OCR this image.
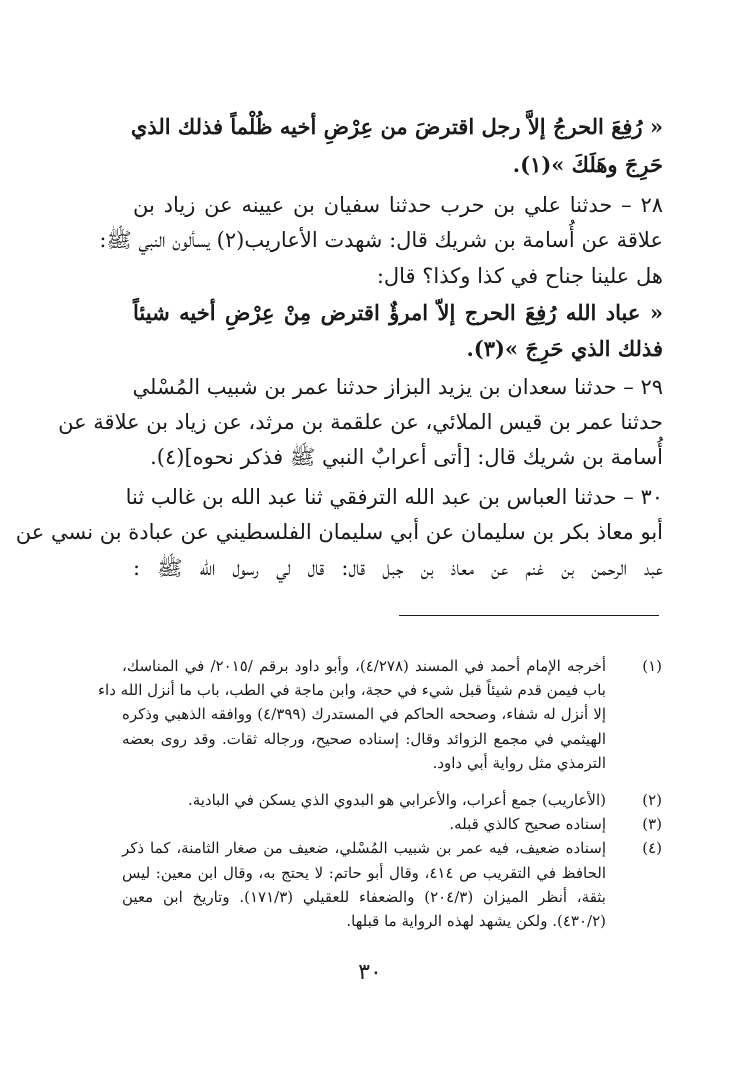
« رُفِعَ الحرجُ إلاَّ رجل اقترضَ من عِرْضِ أخيه ظُلْماً فذلك الذي
حَرِجَ وهَلَكَ »(١).
٢٨ – حدثنا علي بن حرب حدثنا سفيان بن عيينه عن زياد بن
علاقة عن أُسامة بن شريك قال: شهدت الأعاريب(٢) يسألون النبي ﷺ:
هل علينا جناح في كذا وكذا؟ قال:
« عباد الله رُفِعَ الحرج إلاّ امرؤٌ اقترض مِنْ عِرْضِ أخيه شيئاً
فذلك الذي حَرِجَ »(٣).
٢٩ – حدثنا سعدان بن يزيد البزاز حدثنا عمر بن شبيب المُسْلي
حدثنا عمر بن قيس الملائي، عن علقمة بن مرثد، عن زياد بن علاقة عن
أُسامة بن شريك قال: [أتى أعرابٌ النبي ﷺ فذكر نحوه](٤).
٣٠ – حدثنا العباس بن عبد الله الترفقي ثنا عبد الله بن غالب ثنا
أبو معاذ بكر بن سليمان عن أبي سليمان الفلسطيني عن عبادة بن نسي عن
عبد الرحمن بن غنم عن معاذ بن جبل قال: قال لي رسول الله ﷺ :
(١)
أخرجه الإمام أحمد في المسند (٤/٢٧٨)، وأبو داود برقم /٢٠١٥/ في المناسك،
باب فيمن قدم شيئاً قبل شيء في حجة، وابن ماجة في الطب، باب ما أنزل الله داء
إلا أنزل له شفاء، وصححه الحاكم في المستدرك (٤/٣٩٩) ووافقه الذهبي وذكره
الهيثمي في مجمع الزوائد وقال: إسناده صحيح، ورجاله ثقات. وقد روى بعضه
الترمذي مثل رواية أبي داود.
(٢)
(الأعاريب) جمع أعراب، والأعرابي هو البدوي الذي يسكن في البادية.
(٣)
إسناده صحيح كالذي قبله.
(٤)
إسناده ضعيف، فيه عمر بن شبيب المُسْلي، ضعيف من صغار الثامنة، كما ذكر
الحافظ في التقريب ص ٤١٤، وقال أبو حاتم: لا يحتج به، وقال ابن معين: ليس
بثقة، أنظر الميزان (٢٠٤/٣) والضعفاء للعقيلي (١٧١/٣). وتاريخ ابن معين
(٤٣٠/٢). ولكن يشهد لهذه الرواية ما قبلها.
٣٠
